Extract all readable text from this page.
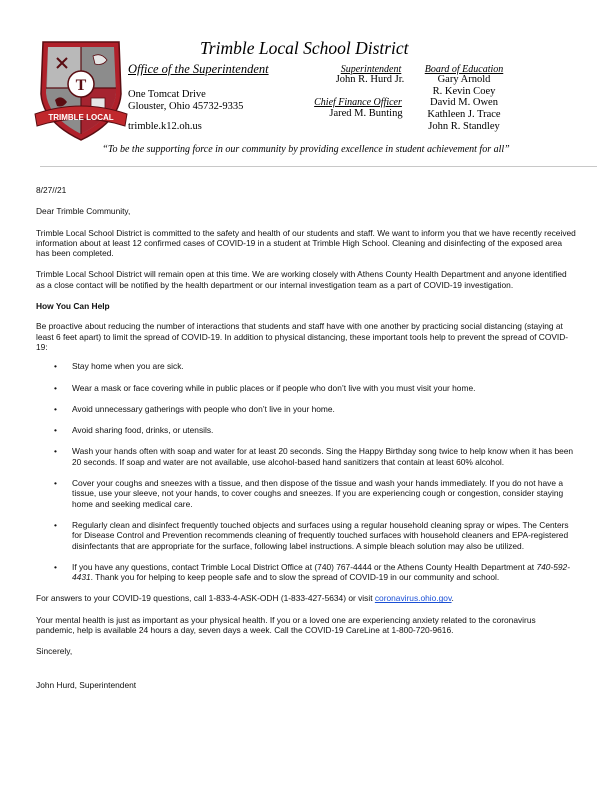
T
TRIMBLE LOCAL
Trimble Local School District
Office of the Superintendent
One Tomcat Drive
Glouster, Ohio 45732-9335
trimble.k12.oh.us
Superintendent
John R. Hurd Jr.
Chief Finance Officer
Jared M. Bunting
Board of Education
Gary Arnold
R. Kevin Coey
David M. Owen
Kathleen J. Trace
John R. Standley
“To be the supporting force in our community by providing excellence in student achievement for all”

8/27//21

Dear Trimble Community,

Trimble Local School District is committed to the safety and health of our students and staff. We want to inform you that we have recently received information about at least 12 confirmed cases of COVID-19 in a student at Trimble High School. Cleaning and disinfecting of the exposed area has been completed.

Trimble Local School District will remain open at this time. We are working closely with Athens County Health Department and anyone identified as a close contact will be notified by the health department or our internal investigation team as a part of COVID-19 investigation.

How You Can Help

Be proactive about reducing the number of interactions that students and staff have with one another by practicing social distancing (staying at least 6 feet apart) to limit the spread of COVID-19. In addition to physical distancing, these important tools help to prevent the spread of COVID-19:

• Stay home when you are sick.
• Wear a mask or face covering while in public places or if people who don’t live with you must visit your home.
• Avoid unnecessary gatherings with people who don’t live in your home.
• Avoid sharing food, drinks, or utensils.
• Wash your hands often with soap and water for at least 20 seconds. Sing the Happy Birthday song twice to help know when it has been 20 seconds. If soap and water are not available, use alcohol-based hand sanitizers that contain at least 60% alcohol.
• Cover your coughs and sneezes with a tissue, and then dispose of the tissue and wash your hands immediately. If you do not have a tissue, use your sleeve, not your hands, to cover coughs and sneezes. If you are experiencing cough or congestion, consider staying home and seeking medical care.
• Regularly clean and disinfect frequently touched objects and surfaces using a regular household cleaning spray or wipes. The Centers for Disease Control and Prevention recommends cleaning of frequently touched surfaces with household cleaners and EPA-registered disinfectants that are appropriate for the surface, following label instructions. A simple bleach solution may also be utilized.
• If you have any questions, contact Trimble Local District Office at (740) 767-4444 or the Athens County Health Department at 740-592-4431. Thank you for helping to keep people safe and to slow the spread of COVID-19 in our community and school.

For answers to your COVID-19 questions, call 1-833-4-ASK-ODH (1-833-427-5634) or visit coronavirus.ohio.gov.

Your mental health is just as important as your physical health. If you or a loved one are experiencing anxiety related to the coronavirus pandemic, help is available 24 hours a day, seven days a week. Call the COVID-19 CareLine at 1-800-720-9616.

Sincerely,

John Hurd, Superintendent
